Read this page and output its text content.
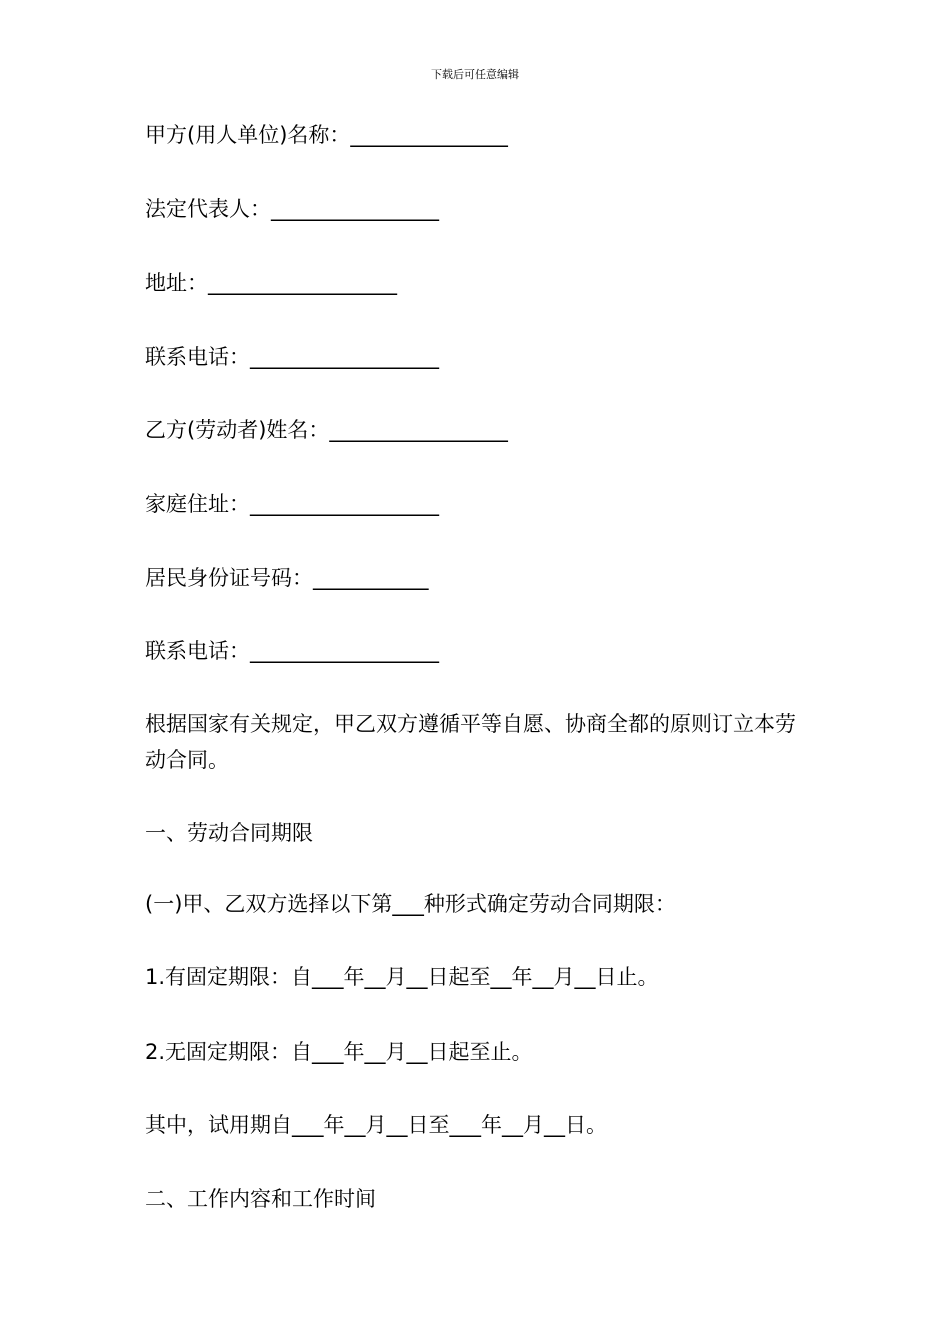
下载后可任意编辑
甲方(用人单位)名称：_______________
法定代表人：________________
地址：__________________
联系电话：__________________
乙方(劳动者)姓名：_________________
家庭住址：__________________
居民身份证号码：___________
联系电话：__________________
根据国家有关规定，甲乙双方遵循平等自愿、协商全都的原则订立本劳动合同。
一、劳动合同期限
(一)甲、乙双方选择以下第___种形式确定劳动合同期限：
1.有固定期限：自___年__月__日起至__年__月__日止。
2.无固定期限：自___年__月__日起至止。
其中，试用期自___年__月__日至___年__月__日。
二、工作内容和工作时间
